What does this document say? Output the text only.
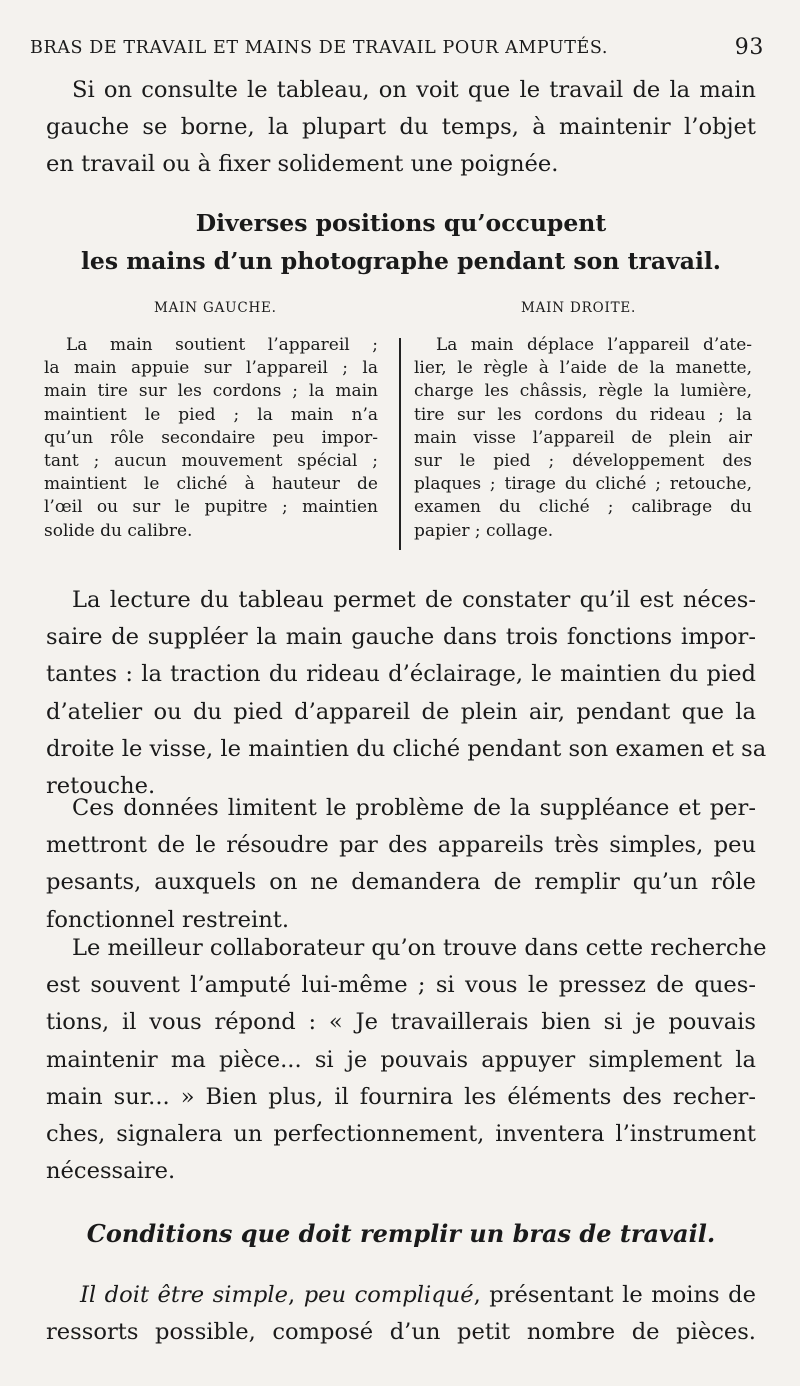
BRAS DE TRAVAIL ET MAINS DE TRAVAIL POUR AMPUTÉS.	93
Si on consulte le tableau, on voit que le travail de la main
gauche se borne, la plupart du temps, à maintenir l’objet
en travail ou à fixer solidement une poignée.
Diverses positions qu’occupent
les mains d’un photographe pendant son travail.
MAIN GAUCHE.	MAIN DROITE.
La main soutient l’appareil ;
la main appuie sur l’appareil ; la
main tire sur les cordons ; la main
maintient le pied ; la main n’a
qu’un rôle secondaire peu impor-
tant ; aucun mouvement spécial ;
maintient le cliché à hauteur de
l’œil ou sur le pupitre ; maintien
solide du calibre.
La main déplace l’appareil d’ate-
lier, le règle à l’aide de la manette,
charge les châssis, règle la lumière,
tire sur les cordons du rideau ; la
main visse l’appareil de plein air
sur le pied ; développement des
plaques ; tirage du cliché ; retouche,
examen du cliché ; calibrage du
papier ; collage.
La lecture du tableau permet de constater qu’il est néces-
saire de suppléer la main gauche dans trois fonctions impor-
tantes : la traction du rideau d’éclairage, le maintien du pied
d’atelier ou du pied d’appareil de plein air, pendant que la
droite le visse, le maintien du cliché pendant son examen et sa
retouche.
Ces données limitent le problème de la suppléance et per-
mettront de le résoudre par des appareils très simples, peu
pesants, auxquels on ne demandera de remplir qu’un rôle
fonctionnel restreint.
Le meilleur collaborateur qu’on trouve dans cette recherche
est souvent l’amputé lui-même ; si vous le pressez de ques-
tions, il vous répond : « Je travaillerais bien si je pouvais
maintenir ma pièce... si je pouvais appuyer simplement la
main sur... » Bien plus, il fournira les éléments des recher-
ches, signalera un perfectionnement, inventera l’instrument
nécessaire.
Conditions que doit remplir un bras de travail.
Il doit être simple, peu compliqué, présentant le moins de
ressorts possible, composé d’un petit nombre de pièces.
